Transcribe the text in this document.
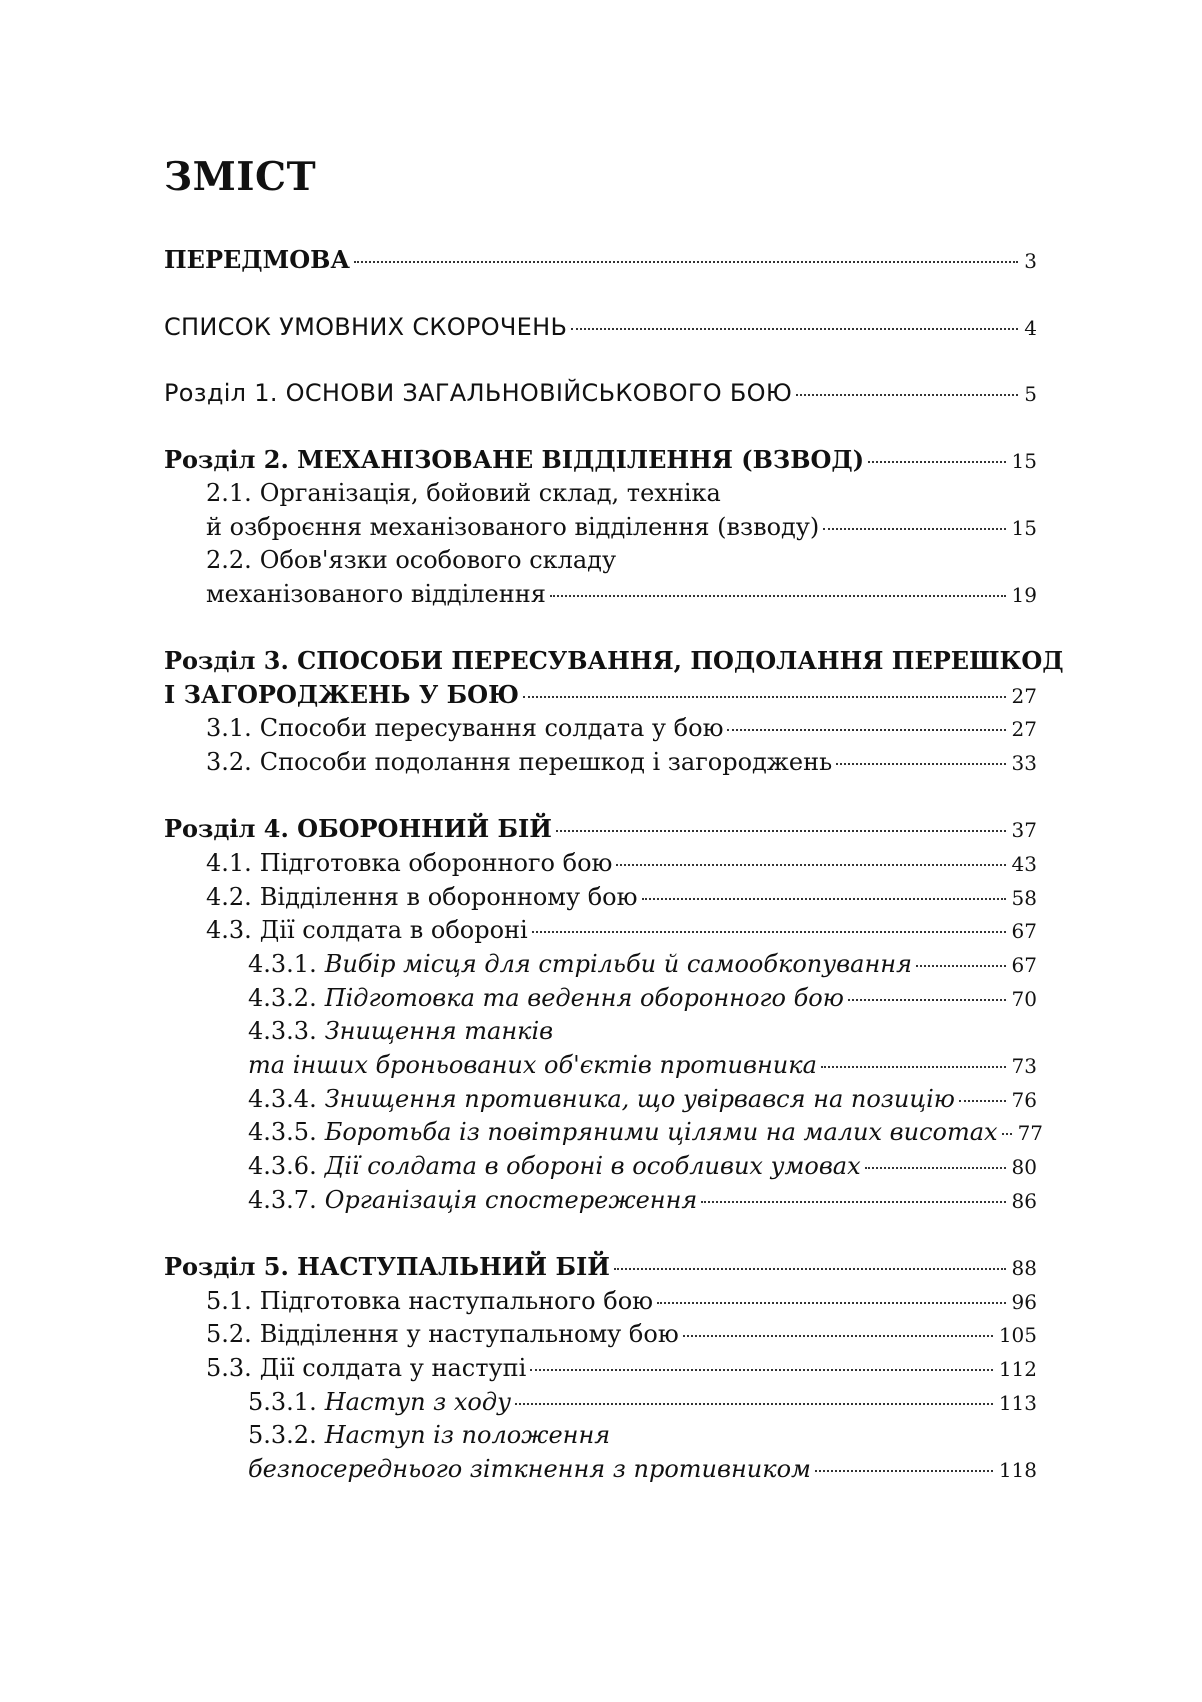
ЗМІСТ
ПЕРЕДМОВА	3
СПИСОК УМОВНИХ СКОРОЧЕНЬ	4
Розділ 1. ОСНОВИ ЗАГАЛЬНОВІЙСЬКОВОГО БОЮ	5
Розділ 2. МЕХАНІЗОВАНЕ ВІДДІЛЕННЯ (ВЗВОД)	15
2.1. Організація, бойовий склад, техніка
й озброєння механізованого відділення (взводу)	15
2.2. Обов'язки особового складу
механізованого відділення	19
Розділ 3. СПОСОБИ ПЕРЕСУВАННЯ, ПОДОЛАННЯ ПЕРЕШКОД
І ЗАГОРОДЖЕНЬ У БОЮ	27
3.1. Способи пересування солдата у бою	27
3.2. Способи подолання перешкод і загороджень	33
Розділ 4. ОБОРОННИЙ БІЙ	37
4.1. Підготовка оборонного бою	43
4.2. Відділення в оборонному бою	58
4.3. Дії солдата в обороні	67
4.3.1. Вибір місця для стрільби й самообкопування	67
4.3.2. Підготовка та ведення оборонного бою	70
4.3.3. Знищення танків
та інших броньованих об'єктів противника	73
4.3.4. Знищення противника, що увірвався на позицію	76
4.3.5. Боротьба із повітряними цілями на малих висотах 77
4.3.6. Дії солдата в обороні в особливих умовах	80
4.3.7. Організація спостереження	86
Розділ 5. НАСТУПАЛЬНИЙ БІЙ	88
5.1. Підготовка наступального бою	96
5.2. Відділення у наступальному бою	105
5.3. Дії солдата у наступі	112
5.3.1. Наступ з ходу	113
5.3.2. Наступ із положення
безпосереднього зіткнення з противником	118
